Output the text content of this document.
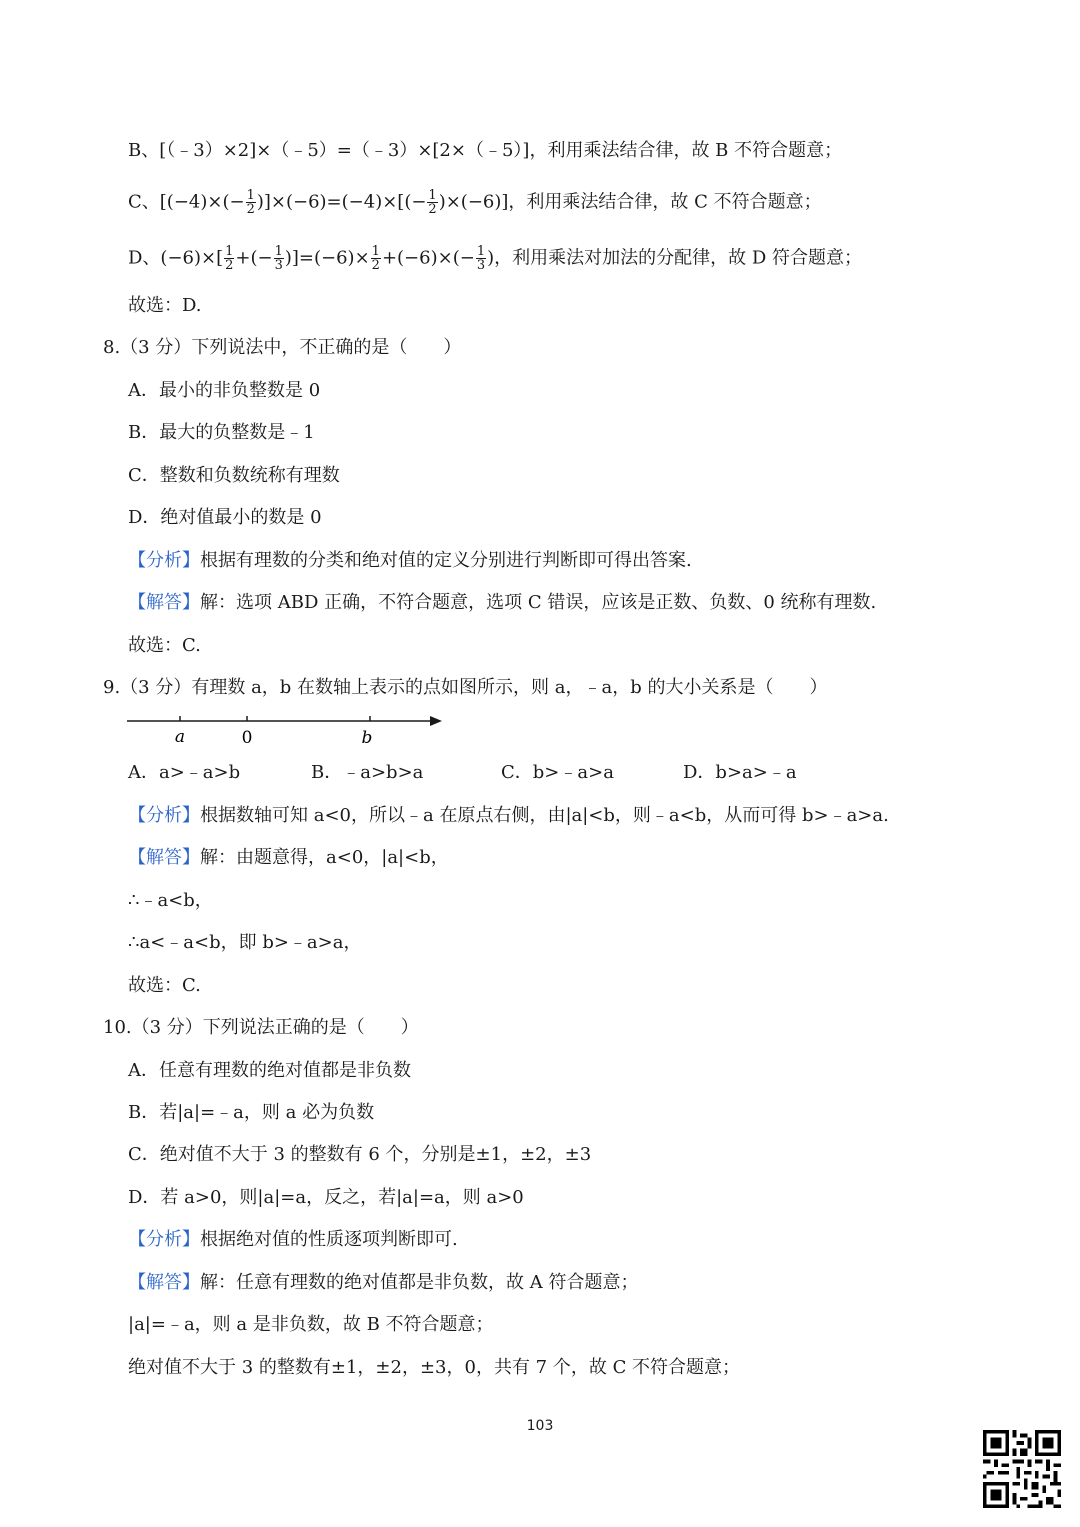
B、[（﹣3）×2]×（﹣5）=（﹣3）×[2×（﹣5）]，利用乘法结合律，故 B 不符合题意；
C、$[(-4)\times(- \frac{1}{2} )]\times(-6)=(-4)\times[(- \frac{1}{2} )\times(-6)]$，利用乘法结合律，故 C 不符合题意；
D、$(-6)\times[ \frac{1}{2}$ +(− $\frac{1}{3} )]=(-6)\times \frac{1}{2} +(-6)\times(- \frac{1}{3}$ )，利用乘法对加法的分配律，故 D 符合题意；
故选：D.
8.（3 分）下列说法中，不正确的是（　　）
A．最小的非负整数是 0
B．最大的负整数是﹣1
C．整数和负数统称有理数
D．绝对值最小的数是 0
【分析】根据有理数的分类和绝对值的定义分别进行判断即可得出答案.
【解答】解：选项 ABD 正确，不符合题意，选项 C 错误，应该是正数、负数、0 统称有理数.
故选：C.
9.（3 分）有理数 a，b 在数轴上表示的点如图所示，则 a，﹣a，b 的大小关系是（　　）
a	0	b
A．a>﹣a>b	B．﹣a>b>a	C．b>﹣a>a	D．b>a>﹣a
【分析】根据数轴可知 a<0，所以﹣a 在原点右侧，由|a|<b，则﹣a<b，从而可得 b>﹣a>a.
【解答】解：由题意得，a<0，|a|<b，
∴﹣a<b，
∴a<﹣a<b，即 b>﹣a>a，
故选：C.
10.（3 分）下列说法正确的是（　　）
A．任意有理数的绝对值都是非负数
B．若|a|=﹣a，则 a 必为负数
C．绝对值不大于 3 的整数有 6 个，分别是±1，±2，±3
D．若 a>0，则|a|=a，反之，若|a|=a，则 a>0
【分析】根据绝对值的性质逐项判断即可.
【解答】解：任意有理数的绝对值都是非负数，故 A 符合题意；
|a|=﹣a，则 a 是非负数，故 B 不符合题意；
绝对值不大于 3 的整数有±1，±2，±3，0，共有 7 个，故 C 不符合题意；
103
